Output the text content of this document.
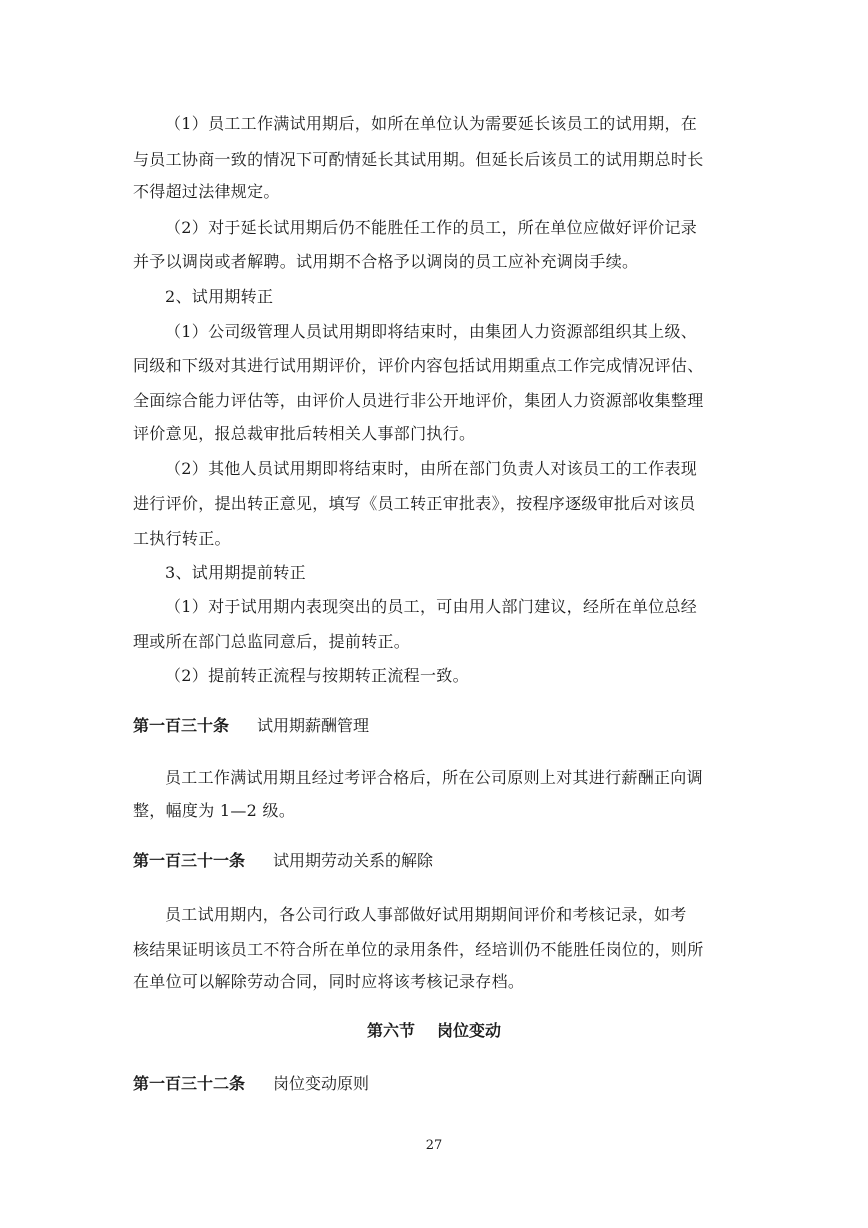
（1）员工工作满试用期后，如所在单位认为需要延长该员工的试用期，在
与员工协商一致的情况下可酌情延长其试用期。但延长后该员工的试用期总时长
不得超过法律规定。
（2）对于延长试用期后仍不能胜任工作的员工，所在单位应做好评价记录
并予以调岗或者解聘。试用期不合格予以调岗的员工应补充调岗手续。
2、试用期转正
（1）公司级管理人员试用期即将结束时，由集团人力资源部组织其上级、
同级和下级对其进行试用期评价，评价内容包括试用期重点工作完成情况评估、
全面综合能力评估等，由评价人员进行非公开地评价，集团人力资源部收集整理
评价意见，报总裁审批后转相关人事部门执行。
（2）其他人员试用期即将结束时，由所在部门负责人对该员工的工作表现
进行评价，提出转正意见，填写《员工转正审批表》，按程序逐级审批后对该员
工执行转正。
3、试用期提前转正
（1）对于试用期内表现突出的员工，可由用人部门建议，经所在单位总经
理或所在部门总监同意后，提前转正。
（2）提前转正流程与按期转正流程一致。
第一百三十条 试用期薪酬管理
员工工作满试用期且经过考评合格后，所在公司原则上对其进行薪酬正向调
整，幅度为 1—2 级。
第一百三十一条 试用期劳动关系的解除
员工试用期内，各公司行政人事部做好试用期期间评价和考核记录，如考
核结果证明该员工不符合所在单位的录用条件，经培训仍不能胜任岗位的，则所
在单位可以解除劳动合同，同时应将该考核记录存档。
第六节 岗位变动
第一百三十二条 岗位变动原则
27
